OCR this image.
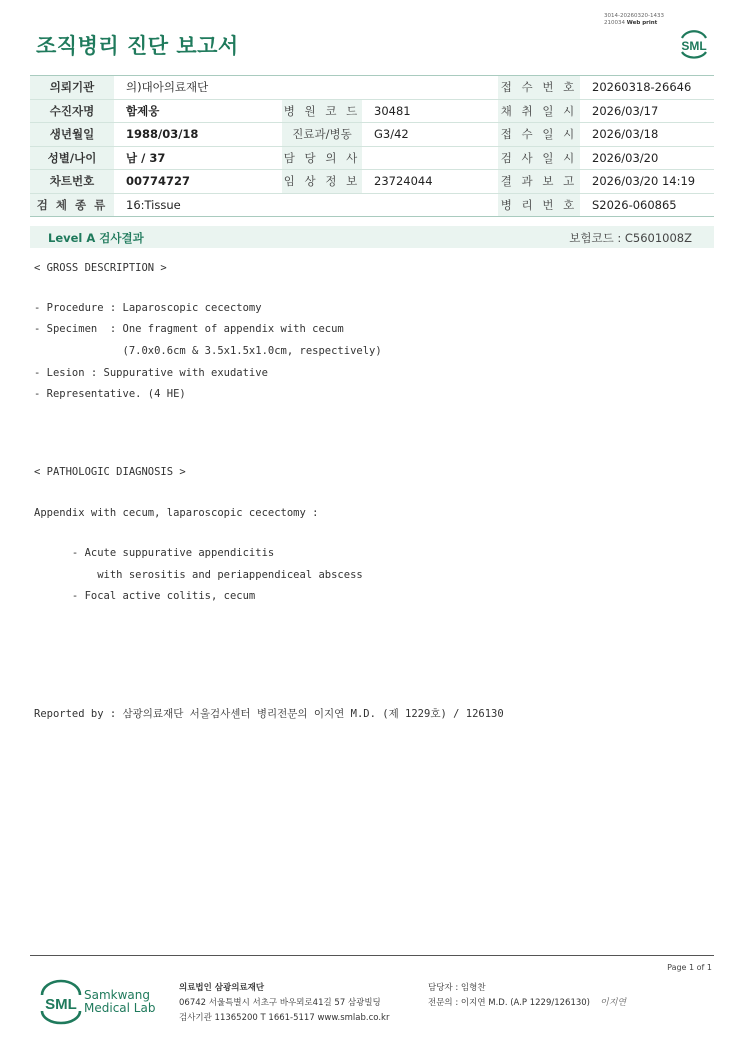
3014-20260320-1433
210034 Web print
조직병리 진단 보고서	SML
의뢰기관	의)대아의료재단			접 수 번 호	20260318-26646
수진자명	함제웅	병 원 코 드	30481	채 취 일 시	2026/03/17
생년월일	1988/03/18	진료과/병동	G3/42	접 수 일 시	2026/03/18
성별/나이	남 / 37	담 당 의 사		검 사 일 시	2026/03/20
차트번호	00774727	임 상 정 보	23724044	결 과 보 고	2026/03/20 14:19
검 체 종 류	16:Tissue			병 리 번 호	S2026-060865
Level A 검사결과	보험코드 : C5601008Z
< GROSS DESCRIPTION >
- Procedure : Laparoscopic cecectomy
- Specimen  : One fragment of appendix with cecum
(7.0x0.6cm & 3.5x1.5x1.0cm, respectively)
- Lesion : Suppurative with exudative
- Representative. (4 HE)
< PATHOLOGIC DIAGNOSIS >
Appendix with cecum, laparoscopic cecectomy :
- Acute suppurative appendicitis
with serositis and periappendiceal abscess
- Focal active colitis, cecum
Reported by : 삼광의료재단 서울검사센터 병리전문의 이지연 M.D. (제 1229호) / 126130
Page 1 of 1
SML
Samkwang
Medical Lab
의료법인 삼광의료재단
06742 서울특별시 서초구 바우뫼로41길 57 삼광빌딩
검사기관 11365200 T 1661-5117 www.smlab.co.kr
담당자 : 임형찬
전문의 : 이지연 M.D. (A.P 1229/126130) 이지연
